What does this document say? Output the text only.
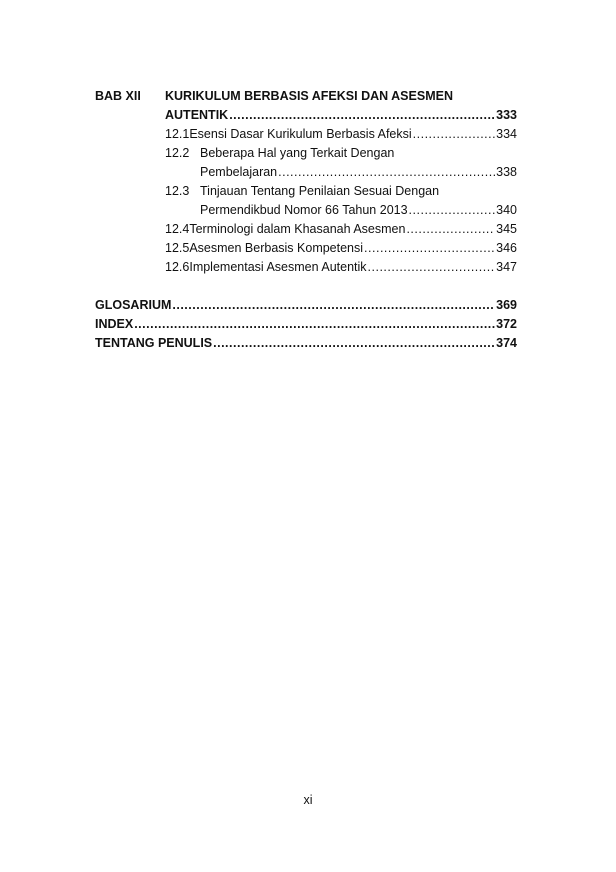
BAB XII KURIKULUM BERBASIS AFEKSI DAN ASESMEN
AUTENTIK .....	333
12.1 Esensi Dasar Kurikulum Berbasis Afeksi .....	334
12.2 Beberapa Hal yang Terkait Dengan
Pembelajaran .....	338
12.3 Tinjauan Tentang Penilaian Sesuai Dengan
Permendikbud Nomor 66 Tahun 2013 .....	340
12.4 Terminologi dalam Khasanah Asesmen .....	345
12.5 Asesmen Berbasis Kompetensi .....	346
12.6 Implementasi Asesmen Autentik .....	347
GLOSARIUM .....	369
INDEX .....	372
TENTANG PENULIS .....	374
xi
